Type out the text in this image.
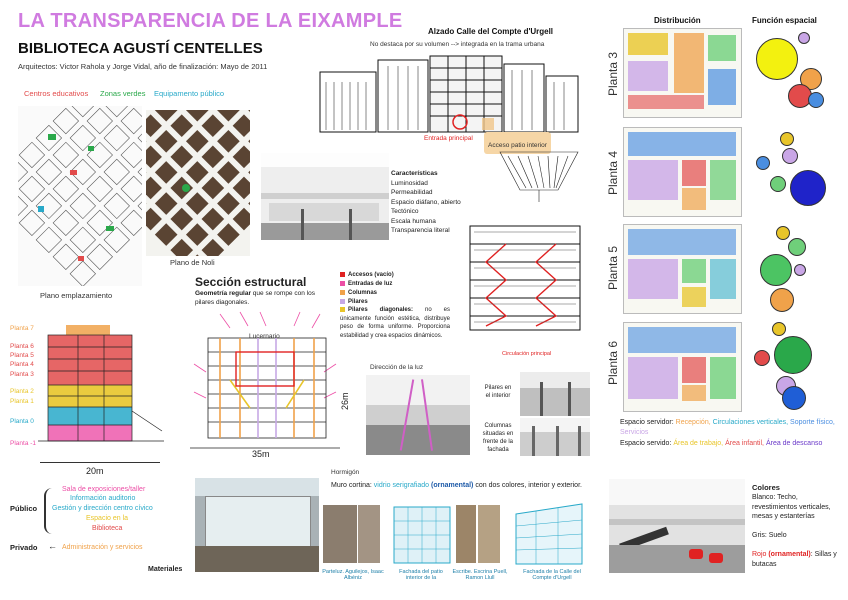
LA TRANSPARENCIA DE LA EIXAMPLE
BIBLIOTECA AGUSTÍ CENTELLES
Arquitectos: Victor Rahola y Jorge Vidal, año de finalización: Mayo de 2011
Centros educativos Zonas verdes Equipamento público
Plano emplazamiento
Plano de Noli
Alzado Calle del Compte d'Urgell
No destaca por su volumen --> integrada en la trama urbana
Entrada principal
Acceso patio interior
Características
Luminosidad
Permeabilidad
Espacio diáfano, abierto
Tectónico
Escala humana
Transparencia literal
Circulación principal
Sección estructural
Geometría regular que se rompe con los pilares diagonales.
Accesos (vacío)
Entradas de luz
Columnas
Pilares
Pilares diagonales: no es únicamente función estética, distribuye peso de forma uniforme. Proporciona estabilidad y crea espacios dinámicos.
Lucernario
35m
26m
Planta 7
Planta 6
Planta 5
Planta 4
Planta 3
Planta 2
Planta 1
Planta 0
Planta -1
20m
Dirección de la luz
Pilares en el interior
Columnas situadas en frente de la fachada
Hormigón
Muro cortina: vidrio serigrafiado (ornamental) con dos colores, interior y exterior.
Materiales	Parteluz. Aguilejos, Isaac Albéniz
Fachada del patio interior de la
Escribe. Escrina Puell, Ramon Llull
Fachada de la Calle del Compte d'Urgell
Público
Sala de exposiciones/taller
Información auditorio
Gestión y dirección centro cívico
Espacio en la
Biblioteca
Privado ← Administración y servicios
Distribución	Función espacial
Planta 3
Planta 4
Planta 5
Planta 6
Espacio servidor: Recepción, Circulaciones verticales, Soporte físico, Servicios
Espacio servido: Área de trabajo, Área infantil, Área de descanso
Colores
Blanco: Techo, revestimientos verticales, mesas y estanterías
Gris: Suelo
Rojo (ornamental): Sillas y butacas
